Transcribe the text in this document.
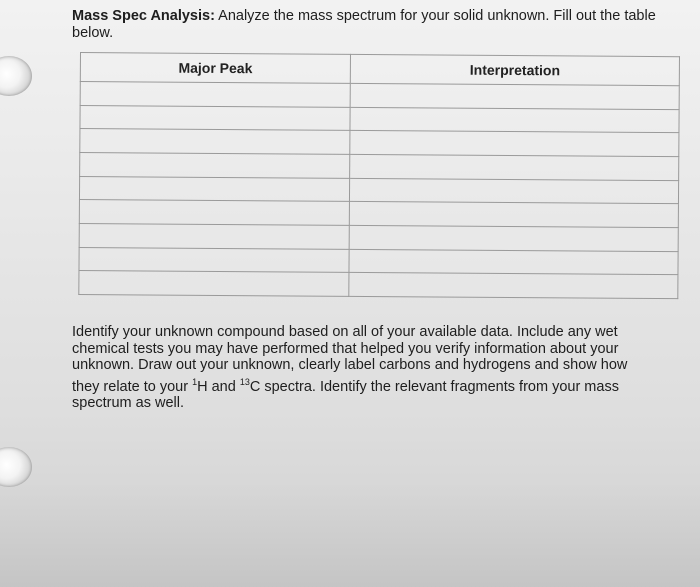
Mass Spec Analysis: Analyze the mass spectrum for your solid unknown. Fill out the table below.
Major Peak	Interpretation

Identify your unknown compound based on all of your available data. Include any wet chemical tests you may have performed that helped you verify information about your unknown. Draw out your unknown, clearly label carbons and hydrogens and show how they relate to your $^1$H and $^{13}$C spectra. Identify the relevant fragments from your mass spectrum as well.
